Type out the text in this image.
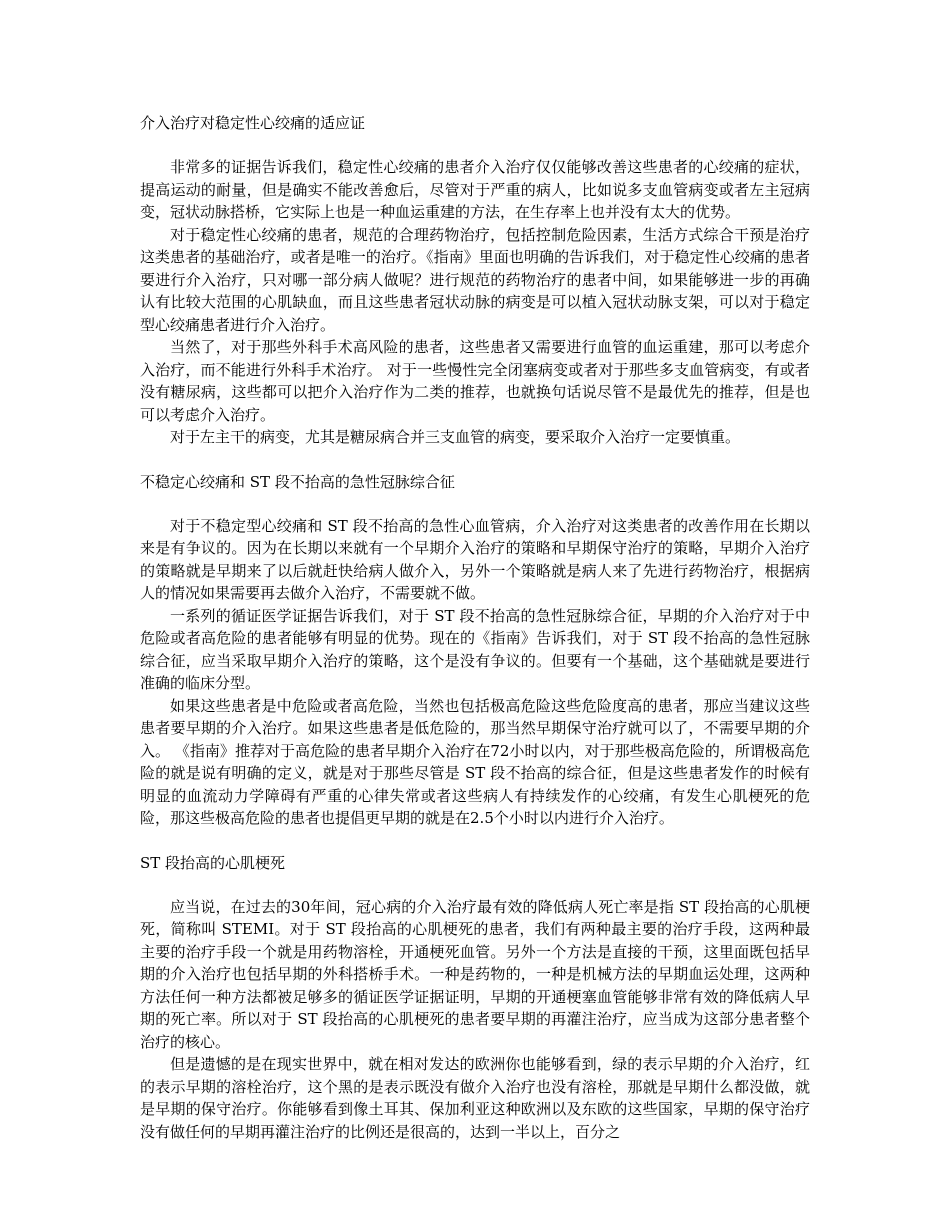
介入治疗对稳定性心绞痛的适应证

非常多的证据告诉我们，稳定性心绞痛的患者介入治疗仅仅能够改善这些患者的心绞痛的症状，提高运动的耐量，但是确实不能改善愈后，尽管对于严重的病人，比如说多支血管病变或者左主冠病变，冠状动脉搭桥，它实际上也是一种血运重建的方法，在生存率上也并没有太大的优势。

对于稳定性心绞痛的患者，规范的合理药物治疗，包括控制危险因素，生活方式综合干预是治疗这类患者的基础治疗，或者是唯一的治疗。《指南》里面也明确的告诉我们，对于稳定性心绞痛的患者要进行介入治疗，只对哪一部分病人做呢？进行规范的药物治疗的患者中间，如果能够进一步的再确认有比较大范围的心肌缺血，而且这些患者冠状动脉的病变是可以植入冠状动脉支架，可以对于稳定型心绞痛患者进行介入治疗。

当然了，对于那些外科手术高风险的患者，这些患者又需要进行血管的血运重建，那可以考虑介入治疗，而不能进行外科手术治疗。 对于一些慢性完全闭塞病变或者对于那些多支血管病变，有或者没有糖尿病，这些都可以把介入治疗作为二类的推荐，也就换句话说尽管不是最优先的推荐，但是也可以考虑介入治疗。

对于左主干的病变，尤其是糖尿病合并三支血管的病变，要采取介入治疗一定要慎重。

不稳定心绞痛和 ST 段不抬高的急性冠脉综合征

对于不稳定型心绞痛和 ST 段不抬高的急性心血管病，介入治疗对这类患者的改善作用在长期以来是有争议的。因为在长期以来就有一个早期介入治疗的策略和早期保守治疗的策略，早期介入治疗的策略就是早期来了以后就赶快给病人做介入，另外一个策略就是病人来了先进行药物治疗，根据病人的情况如果需要再去做介入治疗，不需要就不做。

一系列的循证医学证据告诉我们，对于 ST 段不抬高的急性冠脉综合征，早期的介入治疗对于中危险或者高危险的患者能够有明显的优势。现在的《指南》告诉我们，对于 ST 段不抬高的急性冠脉综合征，应当采取早期介入治疗的策略，这个是没有争议的。但要有一个基础，这个基础就是要进行准确的临床分型。

如果这些患者是中危险或者高危险，当然也包括极高危险这些危险度高的患者，那应当建议这些患者要早期的介入治疗。如果这些患者是低危险的，那当然早期保守治疗就可以了，不需要早期的介入。 《指南》推荐对于高危险的患者早期介入治疗在72小时以内，对于那些极高危险的，所谓极高危险的就是说有明确的定义，就是对于那些尽管是 ST 段不抬高的综合征，但是这些患者发作的时候有明显的血流动力学障碍有严重的心律失常或者这些病人有持续发作的心绞痛，有发生心肌梗死的危险，那这些极高危险的患者也提倡更早期的就是在2.5个小时以内进行介入治疗。

ST 段抬高的心肌梗死

应当说，在过去的30年间，冠心病的介入治疗最有效的降低病人死亡率是指 ST 段抬高的心肌梗死，简称叫 STEMI。对于 ST 段抬高的心肌梗死的患者，我们有两种最主要的治疗手段，这两种最主要的治疗手段一个就是用药物溶栓，开通梗死血管。另外一个方法是直接的干预，这里面既包括早期的介入治疗也包括早期的外科搭桥手术。一种是药物的，一种是机械方法的早期血运处理，这两种方法任何一种方法都被足够多的循证医学证据证明，早期的开通梗塞血管能够非常有效的降低病人早期的死亡率。所以对于 ST 段抬高的心肌梗死的患者要早期的再灌注治疗，应当成为这部分患者整个治疗的核心。

但是遗憾的是在现实世界中，就在相对发达的欧洲你也能够看到，绿的表示早期的介入治疗，红的表示早期的溶栓治疗，这个黑的是表示既没有做介入治疗也没有溶栓，那就是早期什么都没做，就是早期的保守治疗。你能够看到像土耳其、保加利亚这种欧洲以及东欧的这些国家，早期的保守治疗没有做任何的早期再灌注治疗的比例还是很高的，达到一半以上，百分之
